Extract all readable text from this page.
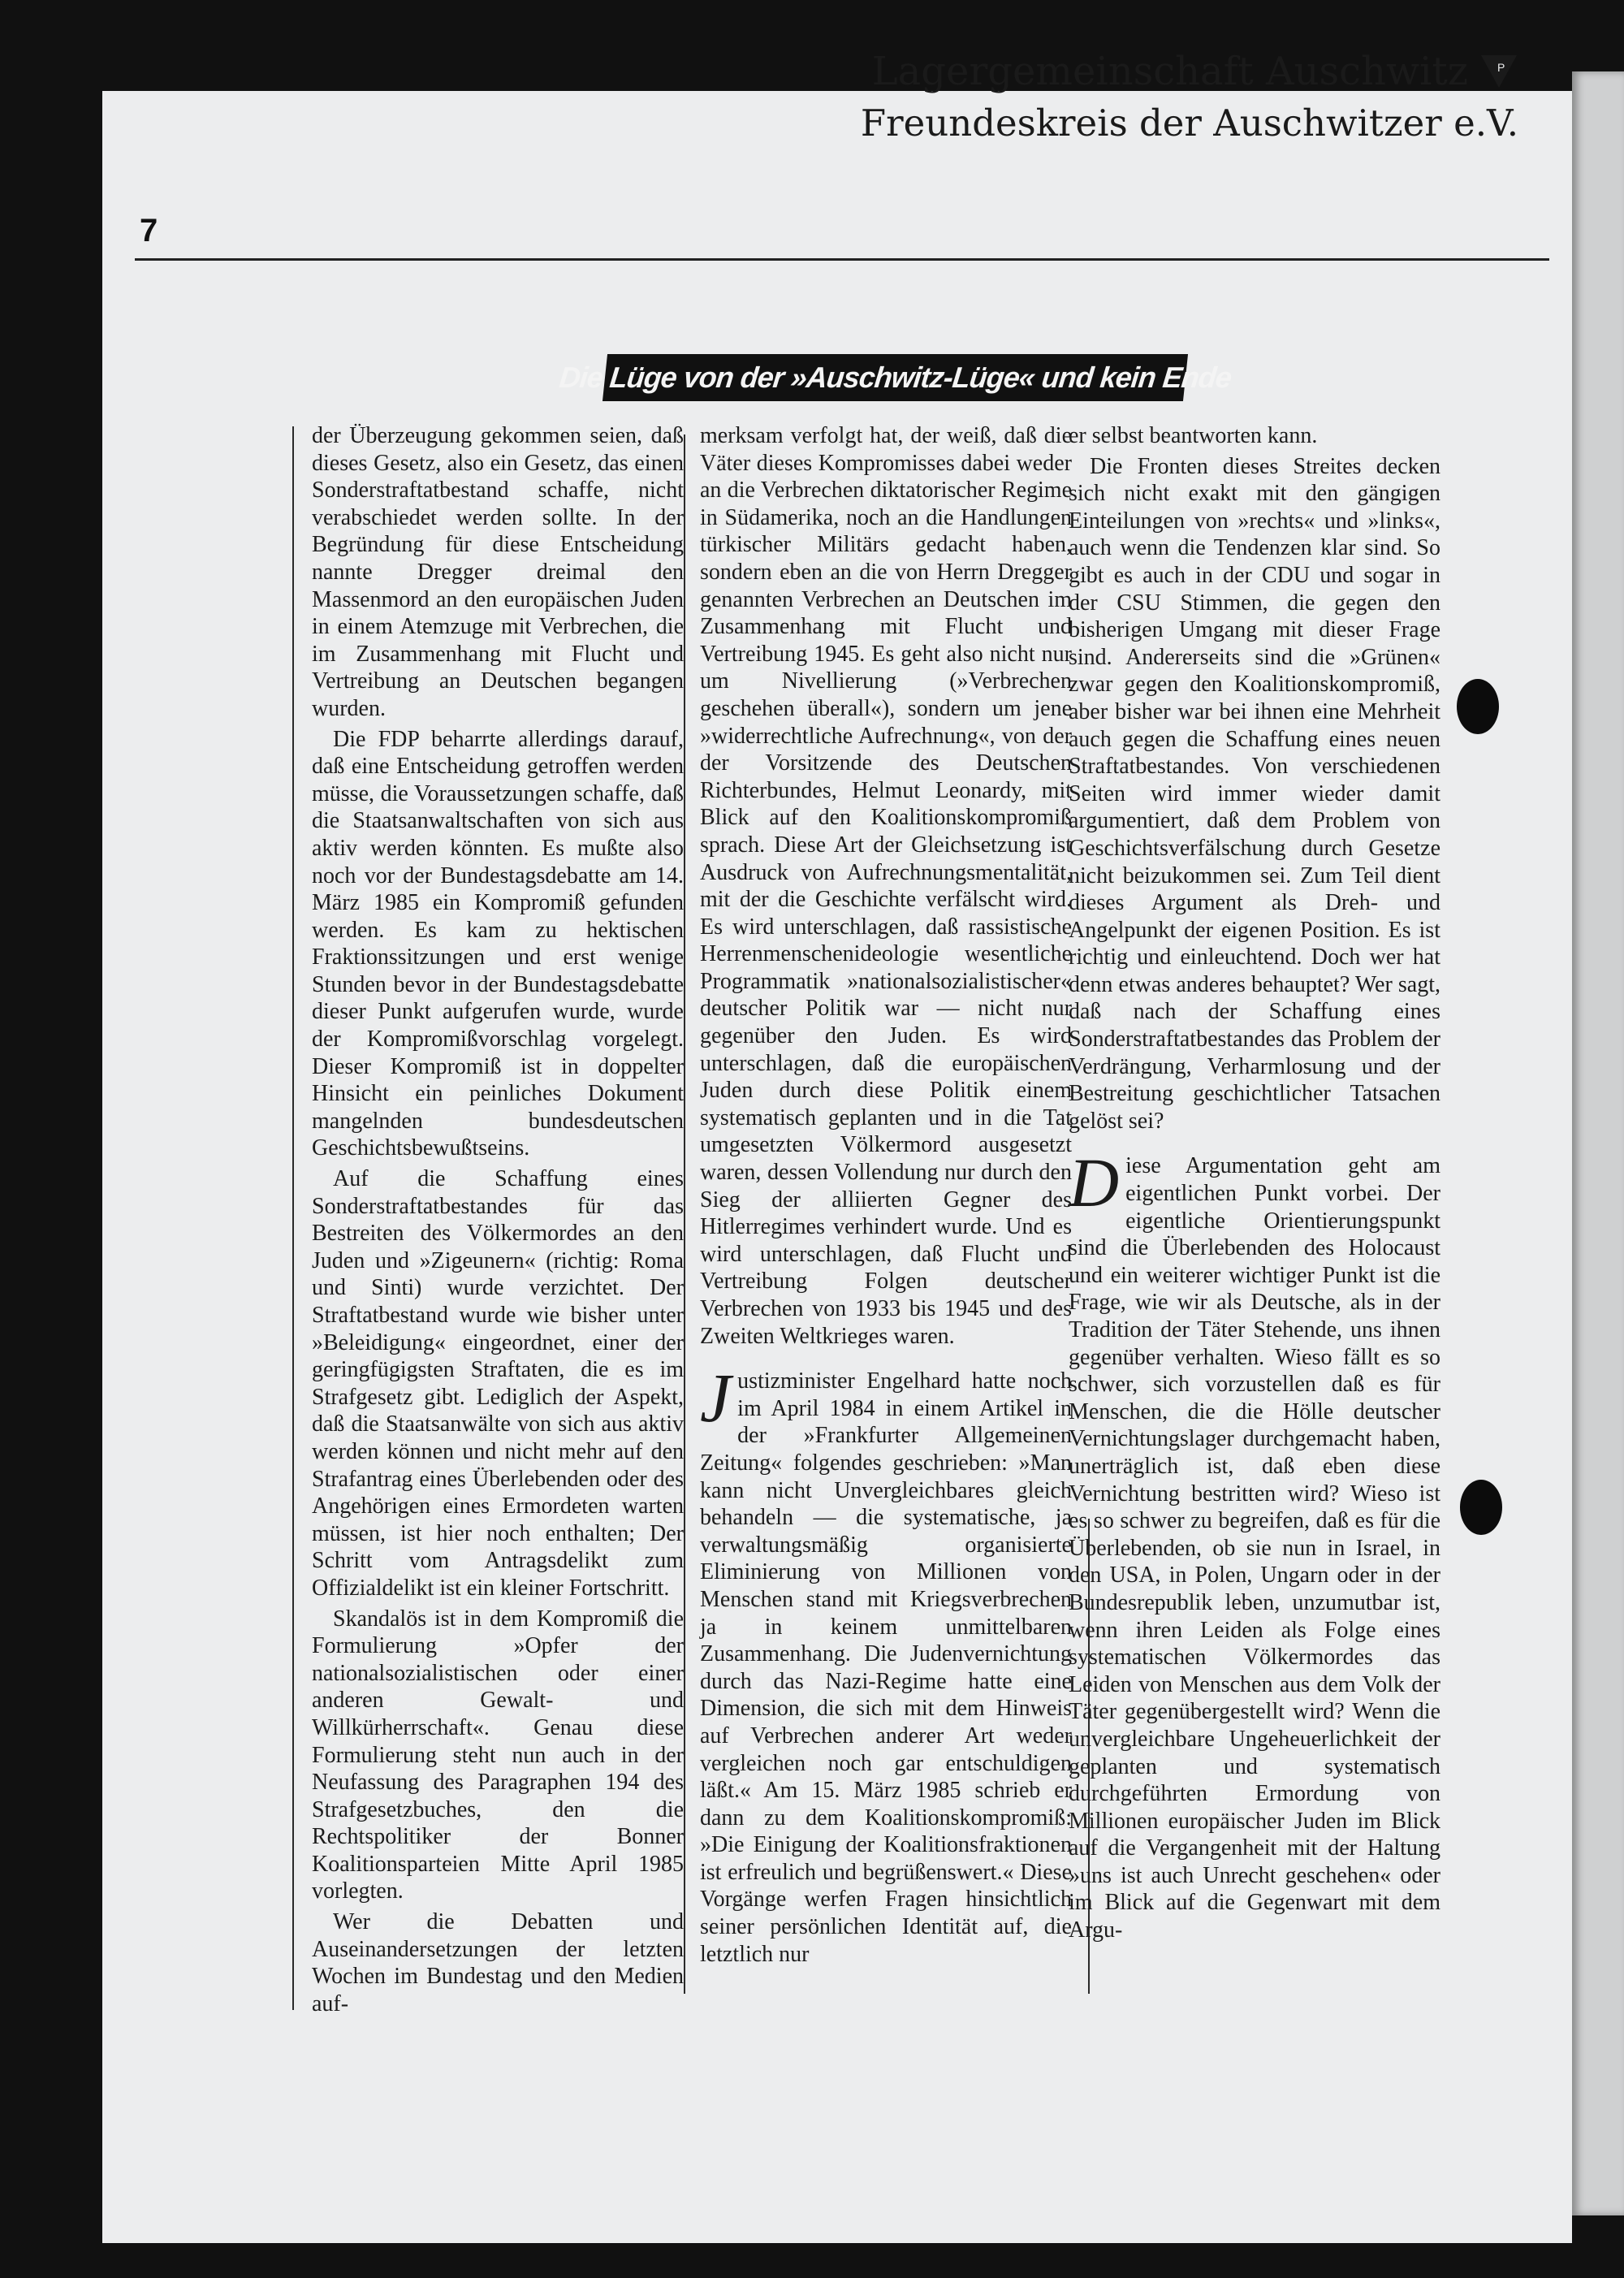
Lagergemeinschaft Auschwitz	P
Freundeskreis der Auschwitzer e.V.
7
Die Lüge von der »Auschwitz-Lüge« und kein Ende

der Überzeugung gekommen seien, daß dieses Gesetz, also ein Gesetz, das einen Sonderstraftatbestand schaffe, nicht verabschiedet werden sollte. In der Begründung für diese Entscheidung nannte Dregger dreimal den Massenmord an den europäischen Juden in einem Atemzuge mit Verbrechen, die im Zusammenhang mit Flucht und Vertreibung an Deutschen begangen wurden.

Die FDP beharrte allerdings darauf, daß eine Entscheidung getroffen werden müsse, die Voraussetzungen schaffe, daß die Staatsanwaltschaften von sich aus aktiv werden könnten. Es mußte also noch vor der Bundestagsdebatte am 14. März 1985 ein Kompromiß gefunden werden. Es kam zu hektischen Fraktionssitzungen und erst wenige Stunden bevor in der Bundestagsdebatte dieser Punkt aufgerufen wurde, wurde der Kompromißvorschlag vorgelegt. Dieser Kompromiß ist in doppelter Hinsicht ein peinliches Dokument mangelnden bundesdeutschen Geschichtsbewußtseins.

Auf die Schaffung eines Sonderstraftatbestandes für das Bestreiten des Völkermordes an den Juden und »Zigeunern« (richtig: Roma und Sinti) wurde verzichtet. Der Straftatbestand wurde wie bisher unter »Beleidigung« eingeordnet, einer der geringfügigsten Straftaten, die es im Strafgesetz gibt. Lediglich der Aspekt, daß die Staatsanwälte von sich aus aktiv werden können und nicht mehr auf den Strafantrag eines Überlebenden oder des Angehörigen eines Ermordeten warten müssen, ist hier noch enthalten; Der Schritt vom Antragsdelikt zum Offizialdelikt ist ein kleiner Fortschritt.

Skandalös ist in dem Kompromiß die Formulierung »Opfer der nationalsozialistischen oder einer anderen Gewalt- und Willkürherrschaft«. Genau diese Formulierung steht nun auch in der Neufassung des Paragraphen 194 des Strafgesetzbuches, den die Rechtspolitiker der Bonner Koalitionsparteien Mitte April 1985 vorlegten.

Wer die Debatten und Auseinandersetzungen der letzten Wochen im Bundestag und den Medien auf-

merksam verfolgt hat, der weiß, daß die Väter dieses Kompromisses dabei weder an die Verbrechen diktatorischer Regime in Südamerika, noch an die Handlungen türkischer Militärs gedacht haben, sondern eben an die von Herrn Dregger genannten Verbrechen an Deutschen im Zusammenhang mit Flucht und Vertreibung 1945. Es geht also nicht nur um Nivellierung (»Verbrechen geschehen überall«), sondern um jene »widerrechtliche Aufrechnung«, von der der Vorsitzende des Deutschen Richterbundes, Helmut Leonardy, mit Blick auf den Koalitionskompromiß sprach. Diese Art der Gleichsetzung ist Ausdruck von Aufrechnungsmentalität, mit der die Geschichte verfälscht wird. Es wird unterschlagen, daß rassistische Herrenmenschenideologie wesentliche Programmatik »nationalsozialistischer« deutscher Politik war — nicht nur gegenüber den Juden. Es wird unterschlagen, daß die europäischen Juden durch diese Politik einem systematisch geplanten und in die Tat umgesetzten Völkermord ausgesetzt waren, dessen Vollendung nur durch den Sieg der alliierten Gegner des Hitlerregimes verhindert wurde. Und es wird unterschlagen, daß Flucht und Vertreibung Folgen deutscher Verbrechen von 1933 bis 1945 und des Zweiten Weltkrieges waren.

Justizminister Engelhard hatte noch im April 1984 in einem Artikel in der »Frankfurter Allgemeinen Zeitung« folgendes geschrieben: »Man kann nicht Unvergleichbares gleich behandeln — die systematische, ja verwaltungsmäßig organisierte Eliminierung von Millionen von Menschen stand mit Kriegsverbrechen ja in keinem unmittelbaren Zusammenhang. Die Judenvernichtung durch das Nazi-Regime hatte eine Dimension, die sich mit dem Hinweis auf Verbrechen anderer Art weder vergleichen noch gar entschuldigen läßt.« Am 15. März 1985 schrieb er dann zu dem Koalitionskompromiß: »Die Einigung der Koalitionsfraktionen ist erfreulich und begrüßenswert.« Diese Vorgänge werfen Fragen hinsichtlich seiner persönlichen Identität auf, die letztlich nur

er selbst beantworten kann.

Die Fronten dieses Streites decken sich nicht exakt mit den gängigen Einteilungen von »rechts« und »links«, auch wenn die Tendenzen klar sind. So gibt es auch in der CDU und sogar in der CSU Stimmen, die gegen den bisherigen Umgang mit dieser Frage sind. Andererseits sind die »Grünen« zwar gegen den Koalitionskompromiß, aber bisher war bei ihnen eine Mehrheit auch gegen die Schaffung eines neuen Straftatbestandes. Von verschiedenen Seiten wird immer wieder damit argumentiert, daß dem Problem von Geschichtsverfälschung durch Gesetze nicht beizukommen sei. Zum Teil dient dieses Argument als Dreh- und Angelpunkt der eigenen Position. Es ist richtig und einleuchtend. Doch wer hat denn etwas anderes behauptet? Wer sagt, daß nach der Schaffung eines Sonderstraftatbestandes das Problem der Verdrängung, Verharmlosung und der Bestreitung geschichtlicher Tatsachen gelöst sei?

Diese Argumentation geht am eigentlichen Punkt vorbei. Der eigentliche Orientierungspunkt sind die Überlebenden des Holocaust und ein weiterer wichtiger Punkt ist die Frage, wie wir als Deutsche, als in der Tradition der Täter Stehende, uns ihnen gegenüber verhalten. Wieso fällt es so schwer, sich vorzustellen daß es für Menschen, die die Hölle deutscher Vernichtungslager durchgemacht haben, unerträglich ist, daß eben diese Vernichtung bestritten wird? Wieso ist es so schwer zu begreifen, daß es für die Überlebenden, ob sie nun in Israel, in den USA, in Polen, Ungarn oder in der Bundesrepublik leben, unzumutbar ist, wenn ihren Leiden als Folge eines systematischen Völkermordes das Leiden von Menschen aus dem Volk der Täter gegenübergestellt wird? Wenn die unvergleichbare Ungeheuerlichkeit der geplanten und systematisch durchgeführten Ermordung von Millionen europäischer Juden im Blick auf die Vergangenheit mit der Haltung »uns ist auch Unrecht geschehen« oder im Blick auf die Gegenwart mit dem Argu-
